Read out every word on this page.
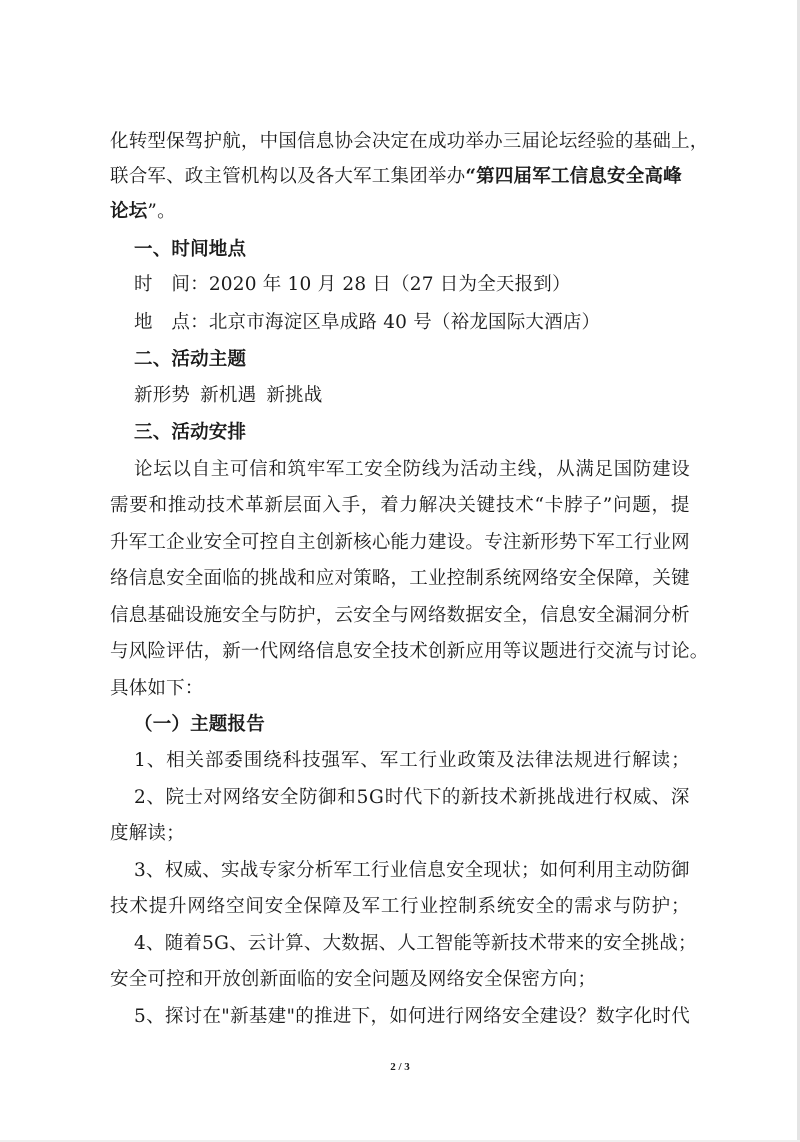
化 转 型 保 驾 护 航 ， 中 国 信 息 协 会 决 定 在 成 功 举 办 三 届 论 坛 经 验 的 基 础 上 ，
联合军、政主管机构以及各大军工集团举办“第四届军工信息安全高峰
论坛”。
一、时间地点
时　间：2020 年 10 月 28 日（27 日为全天报到）
地　点：北京市海淀区阜成路 40 号（裕龙国际大酒店）
二、活动主题
新形势 新机遇 新挑战
三、活动安排
论 坛 以 自 主 可 信 和 筑 牢 军 工 安 全 防 线 为 活 动 主 线 ， 从 满 足 国 防 建 设
需 要 和 推 动 技 术 革 新 层 面 入 手 ， 着 力 解 决 关 键 技 术 “ 卡 脖 子 ” 问 题 ， 提
升 军 工 企 业 安 全 可 控 自 主 创 新 核 心 能 力 建 设 。 专 注 新 形 势 下 军 工 行 业 网
络 信 息 安 全 面 临 的 挑 战 和 应 对 策 略 ， 工 业 控 制 系 统 网 络 安 全 保 障 ， 关 键
信 息 基 础 设 施 安 全 与 防 护 ， 云 安 全 与 网 络 数 据 安 全 ， 信 息 安 全 漏 洞 分 析
与 风 险 评 估 ， 新 一 代 网 络 信 息 安 全 技 术 创 新 应 用 等 议 题 进 行 交 流 与 讨 论 。
具体如下：
（一）主题报告
1 、 相 关 部 委 围 绕 科 技 强 军 、 军 工 行 业 政 策 及 法 律 法 规 进 行 解 读 ；
2 、 院 士 对 网 络 安 全 防 御 和 5 G 时 代 下 的 新 技 术 新 挑 战 进 行 权 威 、 深
度解读；
3 、 权 威 、 实 战 专 家 分 析 军 工 行 业 信 息 安 全 现 状 ； 如 何 利 用 主 动 防 御
技 术 提 升 网 络 空 间 安 全 保 障 及 军 工 行 业 控 制 系 统 安 全 的 需 求 与 防 护 ；
4 、 随 着 5 G 、 云 计 算 、 大 数 据 、 人 工 智 能 等 新 技 术 带 来 的 安 全 挑 战 ；
安全可控和开放创新面临的安全问题及网络安全保密方向；
5 、 探 讨 在 " 新 基 建 " 的 推 进 下 ， 如 何 进 行 网 络 安 全 建 设 ？ 数 字 化 时 代
2 / 3
